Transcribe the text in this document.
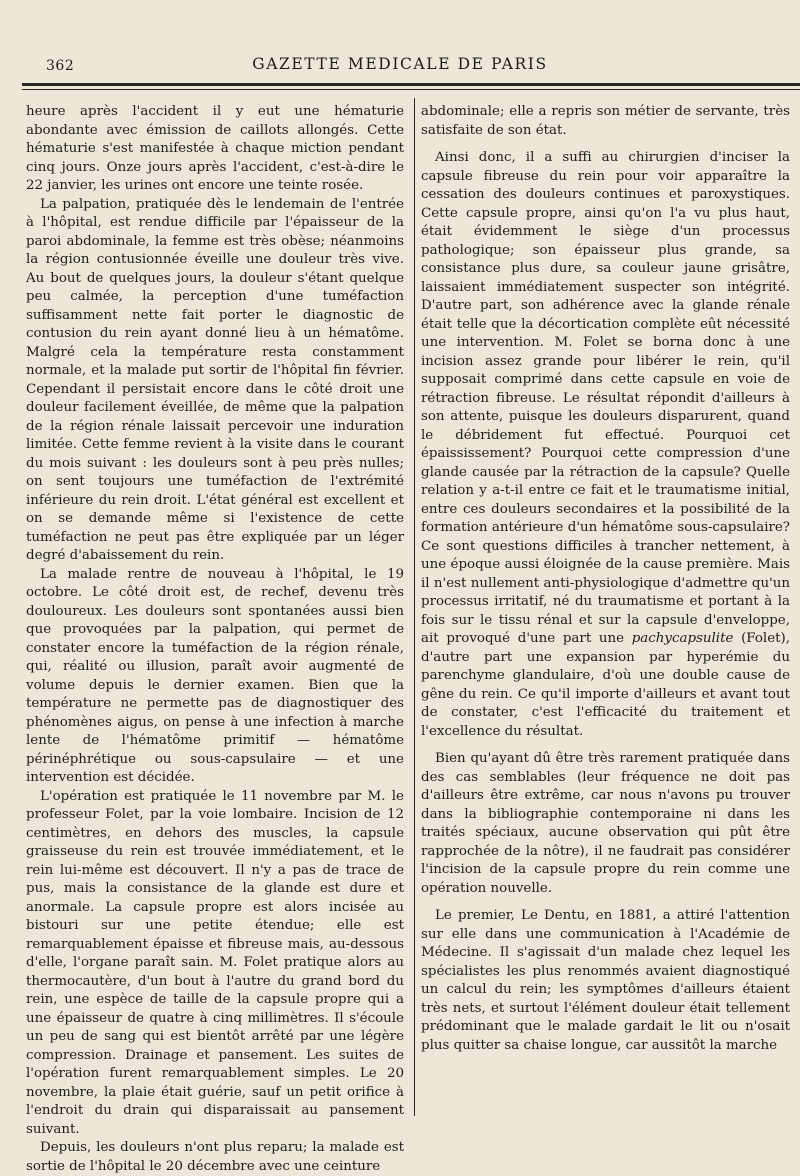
362	GAZETTE MEDICALE DE PARIS

heure après l'accident il y eut une hématurie abondante avec émission de caillots allongés. Cette hématurie s'est manifestée à chaque miction pendant cinq jours. Onze jours après l'accident, c'est-à-dire le 22 janvier, les urines ont encore une teinte rosée.

La palpation, pratiquée dès le lendemain de l'entrée à l'hôpital, est rendue difficile par l'épaisseur de la paroi abdominale, la femme est très obèse; néanmoins la région contusionnée éveille une douleur très vive. Au bout de quelques jours, la douleur s'étant quelque peu calmée, la perception d'une tuméfaction suffisamment nette fait porter le diagnostic de contusion du rein ayant donné lieu à un hématôme. Malgré cela la température resta constamment normale, et la malade put sortir de l'hôpital fin février. Cependant il persistait encore dans le côté droit une douleur facilement éveillée, de même que la palpation de la région rénale laissait percevoir une induration limitée. Cette femme revient à la visite dans le courant du mois suivant : les douleurs sont à peu près nulles; on sent toujours une tuméfaction de l'extrémité inférieure du rein droit. L'état général est excellent et on se demande même si l'existence de cette tuméfaction ne peut pas être expliquée par un léger degré d'abaissement du rein.

La malade rentre de nouveau à l'hôpital, le 19 octobre. Le côté droit est, de rechef, devenu très douloureux. Les douleurs sont spontanées aussi bien que provoquées par la palpation, qui permet de constater encore la tuméfaction de la région rénale, qui, réalité ou illusion, paraît avoir augmenté de volume depuis le dernier examen. Bien que la température ne permette pas de diagnostiquer des phénomènes aigus, on pense à une infection à marche lente de l'hématôme primitif — hématôme périnéphrétique ou sous-capsulaire — et une intervention est décidée.

L'opération est pratiquée le 11 novembre par M. le professeur Folet, par la voie lombaire. Incision de 12 centimètres, en dehors des muscles, la capsule graisseuse du rein est trouvée immédiatement, et le rein lui-même est découvert. Il n'y a pas de trace de pus, mais la consistance de la glande est dure et anormale. La capsule propre est alors incisée au bistouri sur une petite étendue; elle est remarquablement épaisse et fibreuse mais, au-dessous d'elle, l'organe paraît sain. M. Folet pratique alors au thermocautère, d'un bout à l'autre du grand bord du rein, une espèce de taille de la capsule propre qui a une épaisseur de quatre à cinq millimètres. Il s'écoule un peu de sang qui est bientôt arrêté par une légère compression. Drainage et pansement. Les suites de l'opération furent remarquablement simples. Le 20 novembre, la plaie était guérie, sauf un petit orifice à l'endroit du drain qui disparaissait au pansement suivant.

Depuis, les douleurs n'ont plus reparu; la malade est sortie de l'hôpital le 20 décembre avec une ceinture

abdominale; elle a repris son métier de servante, très satisfaite de son état.

Ainsi donc, il a suffi au chirurgien d'inciser la capsule fibreuse du rein pour voir apparaître la cessation des douleurs continues et paroxystiques. Cette capsule propre, ainsi qu'on l'a vu plus haut, était évidemment le siège d'un processus pathologique; son épaisseur plus grande, sa consistance plus dure, sa couleur jaune grisâtre, laissaient immédiatement suspecter son intégrité. D'autre part, son adhérence avec la glande rénale était telle que la décortication complète eût nécessité une intervention. M. Folet se borna donc à une incision assez grande pour libérer le rein, qu'il supposait comprimé dans cette capsule en voie de rétraction fibreuse. Le résultat répondit d'ailleurs à son attente, puisque les douleurs disparurent, quand le débridement fut effectué. Pourquoi cet épaississement? Pourquoi cette compression d'une glande causée par la rétraction de la capsule? Quelle relation y a-t-il entre ce fait et le traumatisme initial, entre ces douleurs secondaires et la possibilité de la formation antérieure d'un hématôme sous-capsulaire? Ce sont questions difficiles à trancher nettement, à une époque aussi éloignée de la cause première. Mais il n'est nullement anti-physiologique d'admettre qu'un processus irritatif, né du traumatisme et portant à la fois sur le tissu rénal et sur la capsule d'enveloppe, ait provoqué d'une part une pachycapsulite (Folet), d'autre part une expansion par hyperémie du parenchyme glandulaire, d'où une double cause de gêne du rein. Ce qu'il importe d'ailleurs et avant tout de constater, c'est l'efficacité du traitement et l'excellence du résultat.

Bien qu'ayant dû être très rarement pratiquée dans des cas semblables (leur fréquence ne doit pas d'ailleurs être extrême, car nous n'avons pu trouver dans la bibliographie contemporaine ni dans les traités spéciaux, aucune observation qui pût être rapprochée de la nôtre), il ne faudrait pas considérer l'incision de la capsule propre du rein comme une opération nouvelle.

Le premier, Le Dentu, en 1881, a attiré l'attention sur elle dans une communication à l'Académie de Médecine. Il s'agissait d'un malade chez lequel les spécialistes les plus renommés avaient diagnostiqué un calcul du rein; les symptômes d'ailleurs étaient très nets, et surtout l'élément douleur était tellement prédominant que le malade gardait le lit ou n'osait plus quitter sa chaise longue, car aussitôt la marche
